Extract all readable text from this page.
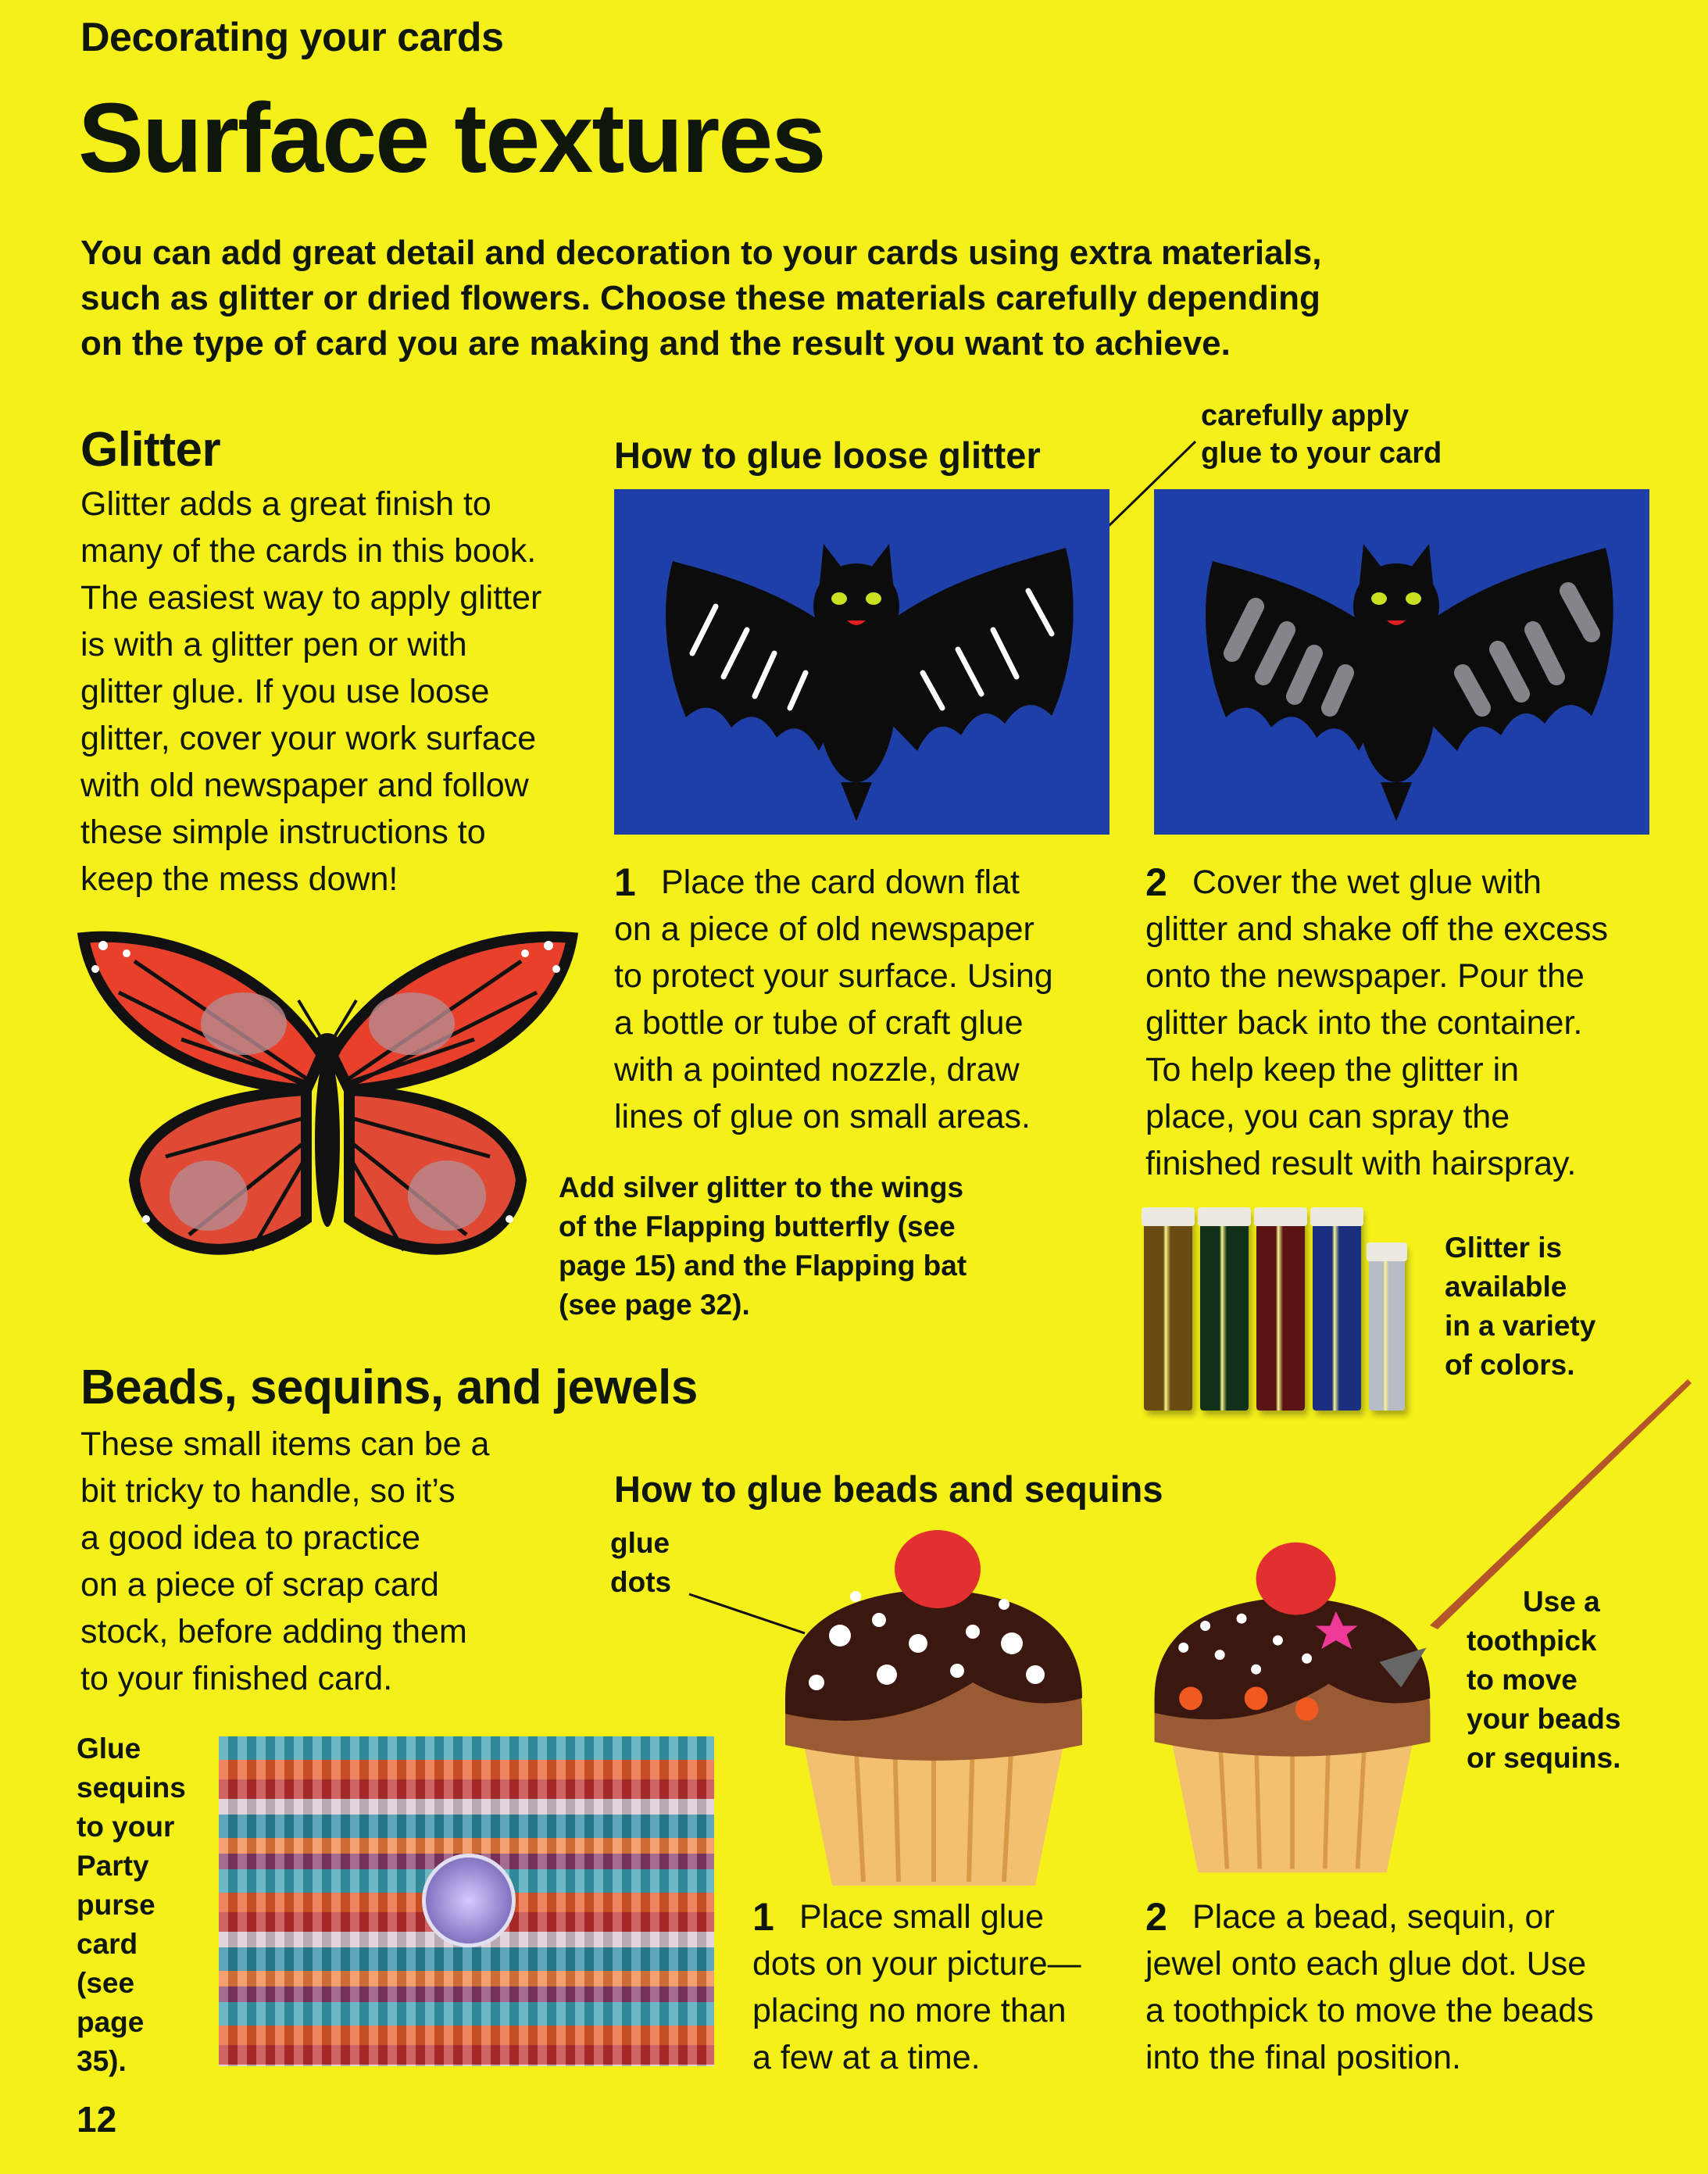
Decorating your cards
Surface textures
You can add great detail and decoration to your cards using extra materials,
such as glitter or dried flowers. Choose these materials carefully depending
on the type of card you are making and the result you want to achieve.
Glitter
Glitter adds a great finish to
many of the cards in this book.
The easiest way to apply glitter
is with a glitter pen or with
glitter glue. If you use loose
glitter, cover your work surface
with old newspaper and follow
these simple instructions to
keep the mess down!
How to glue loose glitter
carefully apply
glue to your card
1 Place the card down flat
on a piece of old newspaper
to protect your surface. Using
a bottle or tube of craft glue
with a pointed nozzle, draw
lines of glue on small areas.
2 Cover the wet glue with
glitter and shake off the excess
onto the newspaper. Pour the
glitter back into the container.
To help keep the glitter in
place, you can spray the
finished result with hairspray.
Add silver glitter to the wings
of the Flapping butterfly (see
page 15) and the Flapping bat
(see page 32).
Glitter is
available
in a variety
of colors.
Beads, sequins, and jewels
These small items can be a
bit tricky to handle, so it’s
a good idea to practice
on a piece of scrap card
stock, before adding them
to your finished card.
How to glue beads and sequins
glue
dots
Use a
toothpick
to move
your beads
or sequins.
Glue
sequins
to your
Party
purse
card
(see
page
35).
1 Place small glue
dots on your picture—
placing no more than
a few at a time.
2 Place a bead, sequin, or
jewel onto each glue dot. Use
a toothpick to move the beads
into the final position.
12
